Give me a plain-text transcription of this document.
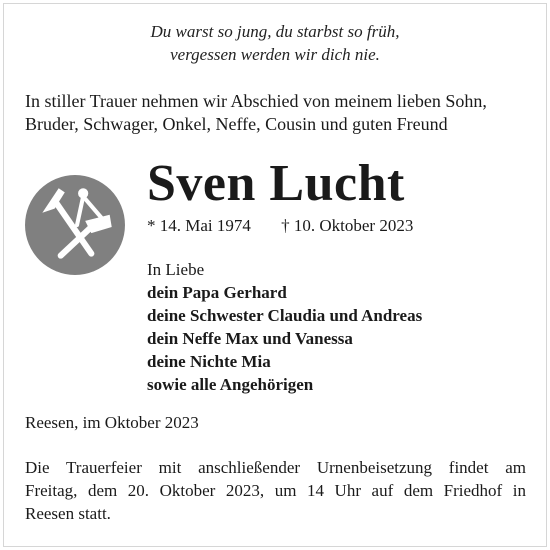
Du warst so jung, du starbst so früh,
vergessen werden wir dich nie.
In stiller Trauer nehmen wir Abschied von meinem lieben Sohn,
Bruder, Schwager, Onkel, Neffe, Cousin und guten Freund
Sven Lucht
* 14. Mai 1974 † 10. Oktober 2023
In Liebe
dein Papa Gerhard
deine Schwester Claudia und Andreas
dein Neffe Max und Vanessa
deine Nichte Mia
sowie alle Angehörigen
Reesen, im Oktober 2023
Die Trauerfeier mit anschließender Urnenbeisetzung findet am
Freitag, dem 20. Oktober 2023, um 14 Uhr auf dem Friedhof in
Reesen statt.
